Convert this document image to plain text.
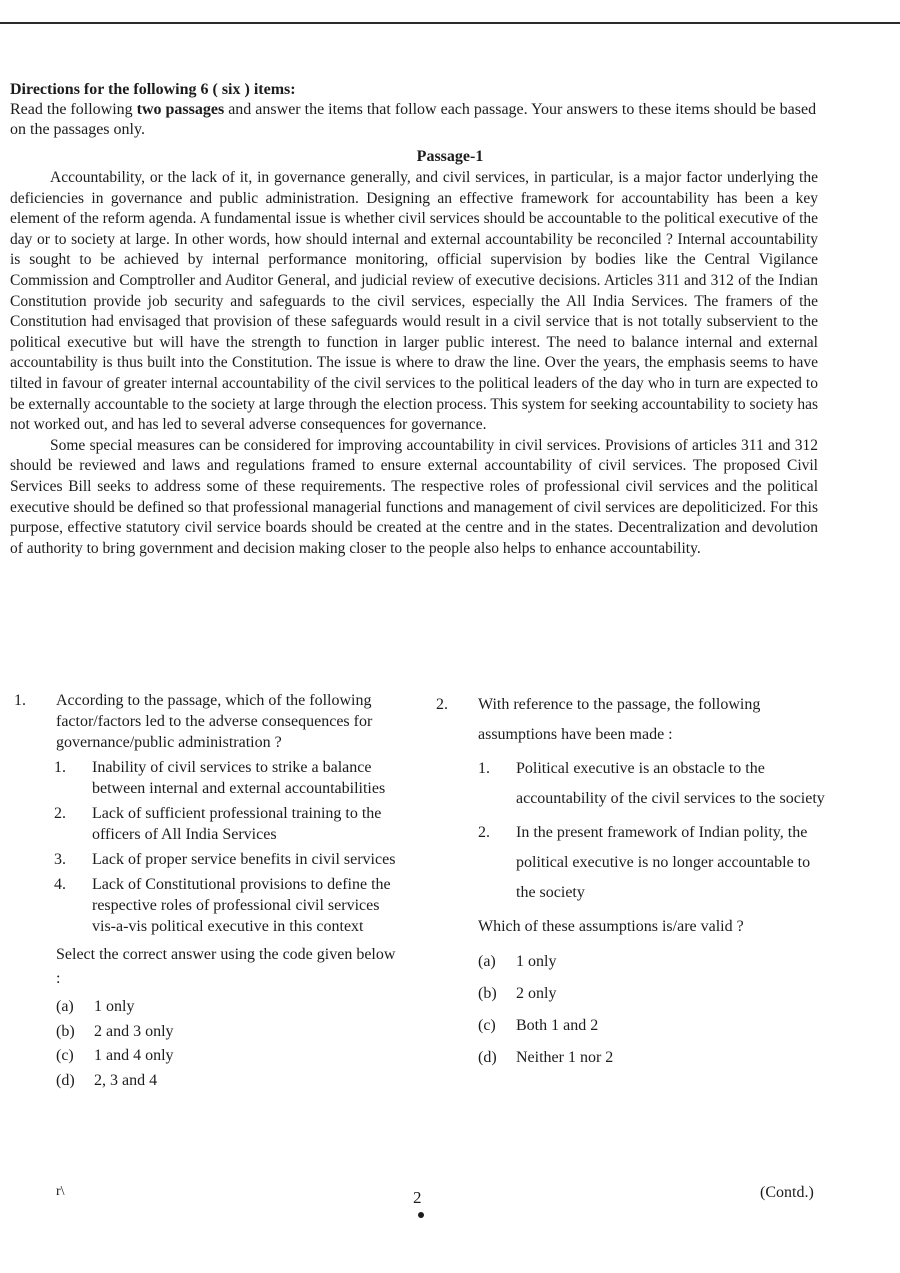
Directions for the following 6 ( six ) items:
Read the following two passages and answer the items that follow each passage. Your answers to these items should be based on the passages only.
Passage-1

Accountability, or the lack of it, in governance generally, and civil services, in particular, is a major factor underlying the deficiencies in governance and public administration. Designing an effective framework for accountability has been a key element of the reform agenda. A fundamental issue is whether civil services should be accountable to the political executive of the day or to society at large. In other words, how should internal and external accountability be reconciled ? Internal accountability is sought to be achieved by internal performance monitoring, official supervision by bodies like the Central Vigilance Commission and Comptroller and Auditor General, and judicial review of executive decisions. Articles 311 and 312 of the Indian Constitution provide job security and safeguards to the civil services, especially the All India Services. The framers of the Constitution had envisaged that provision of these safeguards would result in a civil service that is not totally subservient to the political executive but will have the strength to function in larger public interest. The need to balance internal and external accountability is thus built into the Constitution. The issue is where to draw the line. Over the years, the emphasis seems to have tilted in favour of greater internal accountability of the civil services to the political leaders of the day who in turn are expected to be externally accountable to the society at large through the election process. This system for seeking accountability to society has not worked out, and has led to several adverse consequences for governance.

Some special measures can be considered for improving accountability in civil services. Provisions of articles 311 and 312 should be reviewed and laws and regulations framed to ensure external accountability of civil services. The proposed Civil Services Bill seeks to address some of these requirements. The respective roles of professional civil services and the political executive should be defined so that professional managerial functions and management of civil services are depoliticized. For this purpose, effective statutory civil service boards should be created at the centre and in the states. Decentralization and devolution of authority to bring government and decision making closer to the people also helps to enhance accountability.

1.	According to the passage, which of the following factor/factors led to the adverse consequences for governance/public administration ?
1.	Inability of civil services to strike a balance between internal and external accountabilities
2.	Lack of sufficient professional training to the officers of All India Services
3.	Lack of proper service benefits in civil services
4.	Lack of Constitutional provisions to define the respective roles of professional civil services vis-a-vis political executive in this context
Select the correct answer using the code given below :
(a)	1 only
(b)	2 and 3 only
(c)	1 and 4 only
(d)	2, 3 and 4
2.	With reference to the passage, the following assumptions have been made :
1.	Political executive is an obstacle to the accountability of the civil services to the society
2.	In the present framework of Indian polity, the political executive is no longer accountable to the society
Which of these assumptions is/are valid ?
(a)	1 only
(b)	2 only
(c)	Both 1 and 2
(d)	Neither 1 nor 2
r\	2	(Contd.)
